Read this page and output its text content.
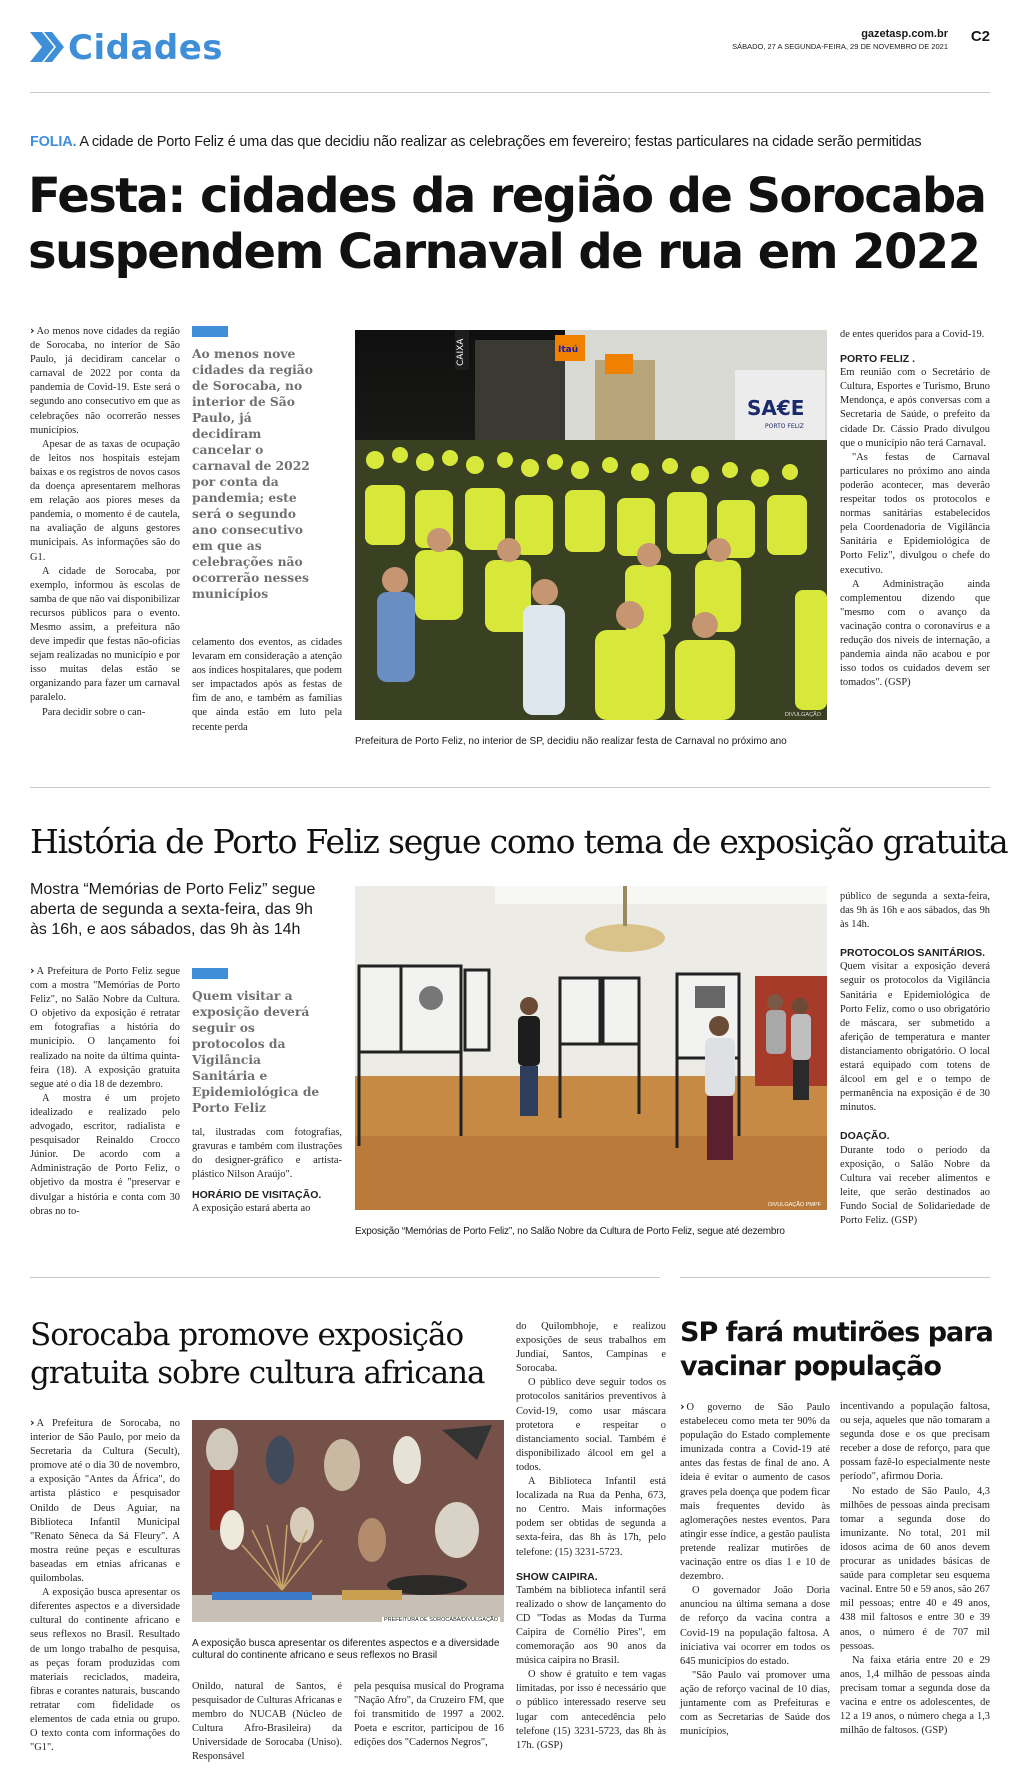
Cidades	gazetasp.com.br
SÁBADO, 27 A SEGUNDA-FEIRA, 29 DE NOVEMBRO DE 2021
C2
FOLIA. A cidade de Porto Feliz é uma das que decidiu não realizar as celebrações em fevereiro; festas particulares na cidade serão permitidas
Festa: cidades da região de Sorocaba
suspendem Carnaval de rua em 2022

› Ao menos nove cidades da região de Sorocaba, no interior de São Paulo, já decidiram cancelar o carnaval de 2022 por conta da pandemia de Covid-19. Este será o segundo ano consecutivo em que as celebrações não ocorrerão nesses municípios.

Apesar de as taxas de ocupação de leitos nos hospitais estejam baixas e os registros de novos casos da doença apresentarem melhoras em relação aos piores meses da pandemia, o momento é de cautela, na avaliação de alguns gestores municipais. As informações são do G1.

A cidade de Sorocaba, por exemplo, informou às escolas de samba de que não vai disponibilizar recursos públicos para o evento. Mesmo assim, a prefeitura não deve impedir que festas não-oficias sejam realizadas no município e por isso muitas delas estão se organizando para fazer um carnaval paralelo.

Para decidir sobre o can-

Ao menos nove cidades da região de Sorocaba, no interior de São Paulo, já decidiram cancelar o carnaval de 2022 por conta da pandemia; este será o segundo ano consecutivo em que as celebrações não ocorrerão nesses municípios

celamento dos eventos, as cidades levaram em consideração a atenção aos índices hospitalares, que podem ser impactados após as festas de fim de ano, e também as famílias que ainda estão em luto pela recente perda

CAIXA	Itaú
SA€E
PORTO FELIZ
DIVULGAÇÃO
Prefeitura de Porto Feliz, no interior de SP, decidiu não realizar festa de Carnaval no próximo ano

de entes queridos para a Covid-19.

PORTO FELIZ .

Em reunião com o Secretário de Cultura, Esportes e Turismo, Bruno Mendonça, e após conversas com a Secretaria de Saúde, o prefeito da cidade Dr. Cássio Prado divulgou que o município não terá Carnaval.

"As festas de Carnaval particulares no próximo ano ainda poderão acontecer, mas deverão respeitar todos os protocolos e normas sanitárias estabelecidos pela Coordenadoria de Vigilância Sanitária e Epidemiológica de Porto Feliz", divulgou o chefe do executivo.

A Administração ainda complementou dizendo que "mesmo com o avanço da vacinação contra o coronavírus e a redução dos níveis de internação, a pandemia ainda não acabou e por isso todos os cuidados devem ser tomados". (GSP)

História de Porto Feliz segue como tema de exposição gratuita
Mostra “Memórias de Porto Feliz” segue aberta de segunda a sexta-feira, das 9h às 16h, e aos sábados, das 9h às 14h

› A Prefeitura de Porto Feliz segue com a mostra "Memórias de Porto Feliz", no Salão Nobre da Cultura. O objetivo da exposição é retratar em fotografias a história do município. O lançamento foi realizado na noite da última quinta-feira (18). A exposição gratuita segue até o dia 18 de dezembro.

A mostra é um projeto idealizado e realizado pelo advogado, escritor, radialista e pesquisador Reinaldo Crocco Júnior. De acordo com a Administração de Porto Feliz, o objetivo da mostra é "preservar e divulgar a história e conta com 30 obras no to-

Quem visitar a exposição deverá seguir os protocolos da Vigilância Sanitária e Epidemiológica de Porto Feliz

tal, ilustradas com fotografias, gravuras e também com ilustrações do designer-gráfico e artista-plástico Nilson Araújo".

HORÁRIO DE VISITAÇÃO.

A exposição estará aberta ao	DIVULGAÇÃO PMPF
Exposição “Memórias de Porto Feliz”, no Salão Nobre da Cultura de Porto Feliz, segue até dezembro

público de segunda a sexta-feira, das 9h às 16h e aos sábados, das 9h às 14h.

PROTOCOLOS SANITÁRIOS.

Quem visitar a exposição deverá seguir os protocolos da Vigilância Sanitária e Epidemiológica de Porto Feliz, como o uso obrigatório de máscara, ser submetido a aferição de temperatura e manter distanciamento obrigatório. O local estará equipado com totens de álcool em gel e o tempo de permanência na exposição é de 30 minutos.

DOAÇÃO.

Durante todo o período da exposição, o Salão Nobre da Cultura vai receber alimentos e leite, que serão destinados ao Fundo Social de Solidariedade de Porto Feliz. (GSP)

Sorocaba promove exposição
gratuita sobre cultura africana

› A Prefeitura de Sorocaba, no interior de São Paulo, por meio da Secretaria da Cultura (Secult), promove até o dia 30 de novembro, a exposição "Antes da África", do artista plástico e pesquisador Onildo de Deus Aguiar, na Biblioteca Infantil Municipal "Renato Sêneca da Sá Fleury". A mostra reúne peças e esculturas baseadas em etnias africanas e quilombolas.

A exposição busca apresentar os diferentes aspectos e a diversidade cultural do continente africano e seus reflexos no Brasil. Resultado de um longo trabalho de pesquisa, as peças foram produzidas com materiais reciclados, madeira, fibras e corantes naturais, buscando retratar com fidelidade os elementos de cada etnia ou grupo. O texto conta com informações do "G1".

PREFEITURA DE SOROCABA/DIVULGAÇÃO
A exposição busca apresentar os diferentes aspectos e a diversidade cultural do continente africano e seus reflexos no Brasil

Onildo, natural de Santos, é pesquisador de Culturas Africanas e membro do NUCAB (Núcleo de Cultura Afro-Brasileira) da Universidade de Sorocaba (Uniso). Responsável

pela pesquisa musical do Programa "Nação Afro", da Cruzeiro FM, que foi transmitido de 1997 a 2002. Poeta e escritor, participou de 16 edições dos "Cadernos Negros",

do Quilombhoje, e realizou exposições de seus trabalhos em Jundiaí, Santos, Campinas e Sorocaba.

O público deve seguir todos os protocolos sanitários preventivos à Covid-19, como usar máscara protetora e respeitar o distanciamento social. Também é disponibilizado álcool em gel a todos.

A Biblioteca Infantil está localizada na Rua da Penha, 673, no Centro. Mais informações podem ser obtidas de segunda a sexta-feira, das 8h às 17h, pelo telefone: (15) 3231-5723.

SHOW CAIPIRA.

Também na biblioteca infantil será realizado o show de lançamento do CD "Todas as Modas da Turma Caipira de Cornélio Pires", em comemoração aos 90 anos da música caipira no Brasil.

O show é gratuito e tem vagas limitadas, por isso é necessário que o público interessado reserve seu lugar com antecedência pelo telefone (15) 3231-5723, das 8h às 17h. (GSP)

SP fará mutirões para
vacinar população

› O governo de São Paulo estabeleceu como meta ter 90% da população do Estado complemente imunizada contra a Covid-19 até antes das festas de final de ano. A ideia é evitar o aumento de casos graves pela doença que podem ficar mais frequentes devido às aglomerações nestes eventos. Para atingir esse índice, a gestão paulista pretende realizar mutirões de vacinação entre os dias 1 e 10 de dezembro.

O governador João Doria anunciou na última semana a dose de reforço da vacina contra a Covid-19 na população faltosa. A iniciativa vai ocorrer em todos os 645 municípios do estado.

"São Paulo vai promover uma ação de reforço vacinal de 10 dias, juntamente com as Prefeituras e com as Secretarias de Saúde dos municípios,

incentivando a população faltosa, ou seja, aqueles que não tomaram a segunda dose e os que precisam receber a dose de reforço, para que possam fazê-lo especialmente neste período", afirmou Doria.

No estado de São Paulo, 4,3 milhões de pessoas ainda precisam tomar a segunda dose do imunizante. No total, 201 mil idosos acima de 60 anos devem procurar as unidades básicas de saúde para completar seu esquema vacinal. Entre 50 e 59 anos, são 267 mil pessoas; entre 40 e 49 anos, 438 mil faltosos e entre 30 e 39 anos, o número é de 707 mil pessoas.

Na faixa etária entre 20 e 29 anos, 1,4 milhão de pessoas ainda precisam tomar a segunda dose da vacina e entre os adolescentes, de 12 a 19 anos, o número chega a 1,3 milhão de faltosos. (GSP)
